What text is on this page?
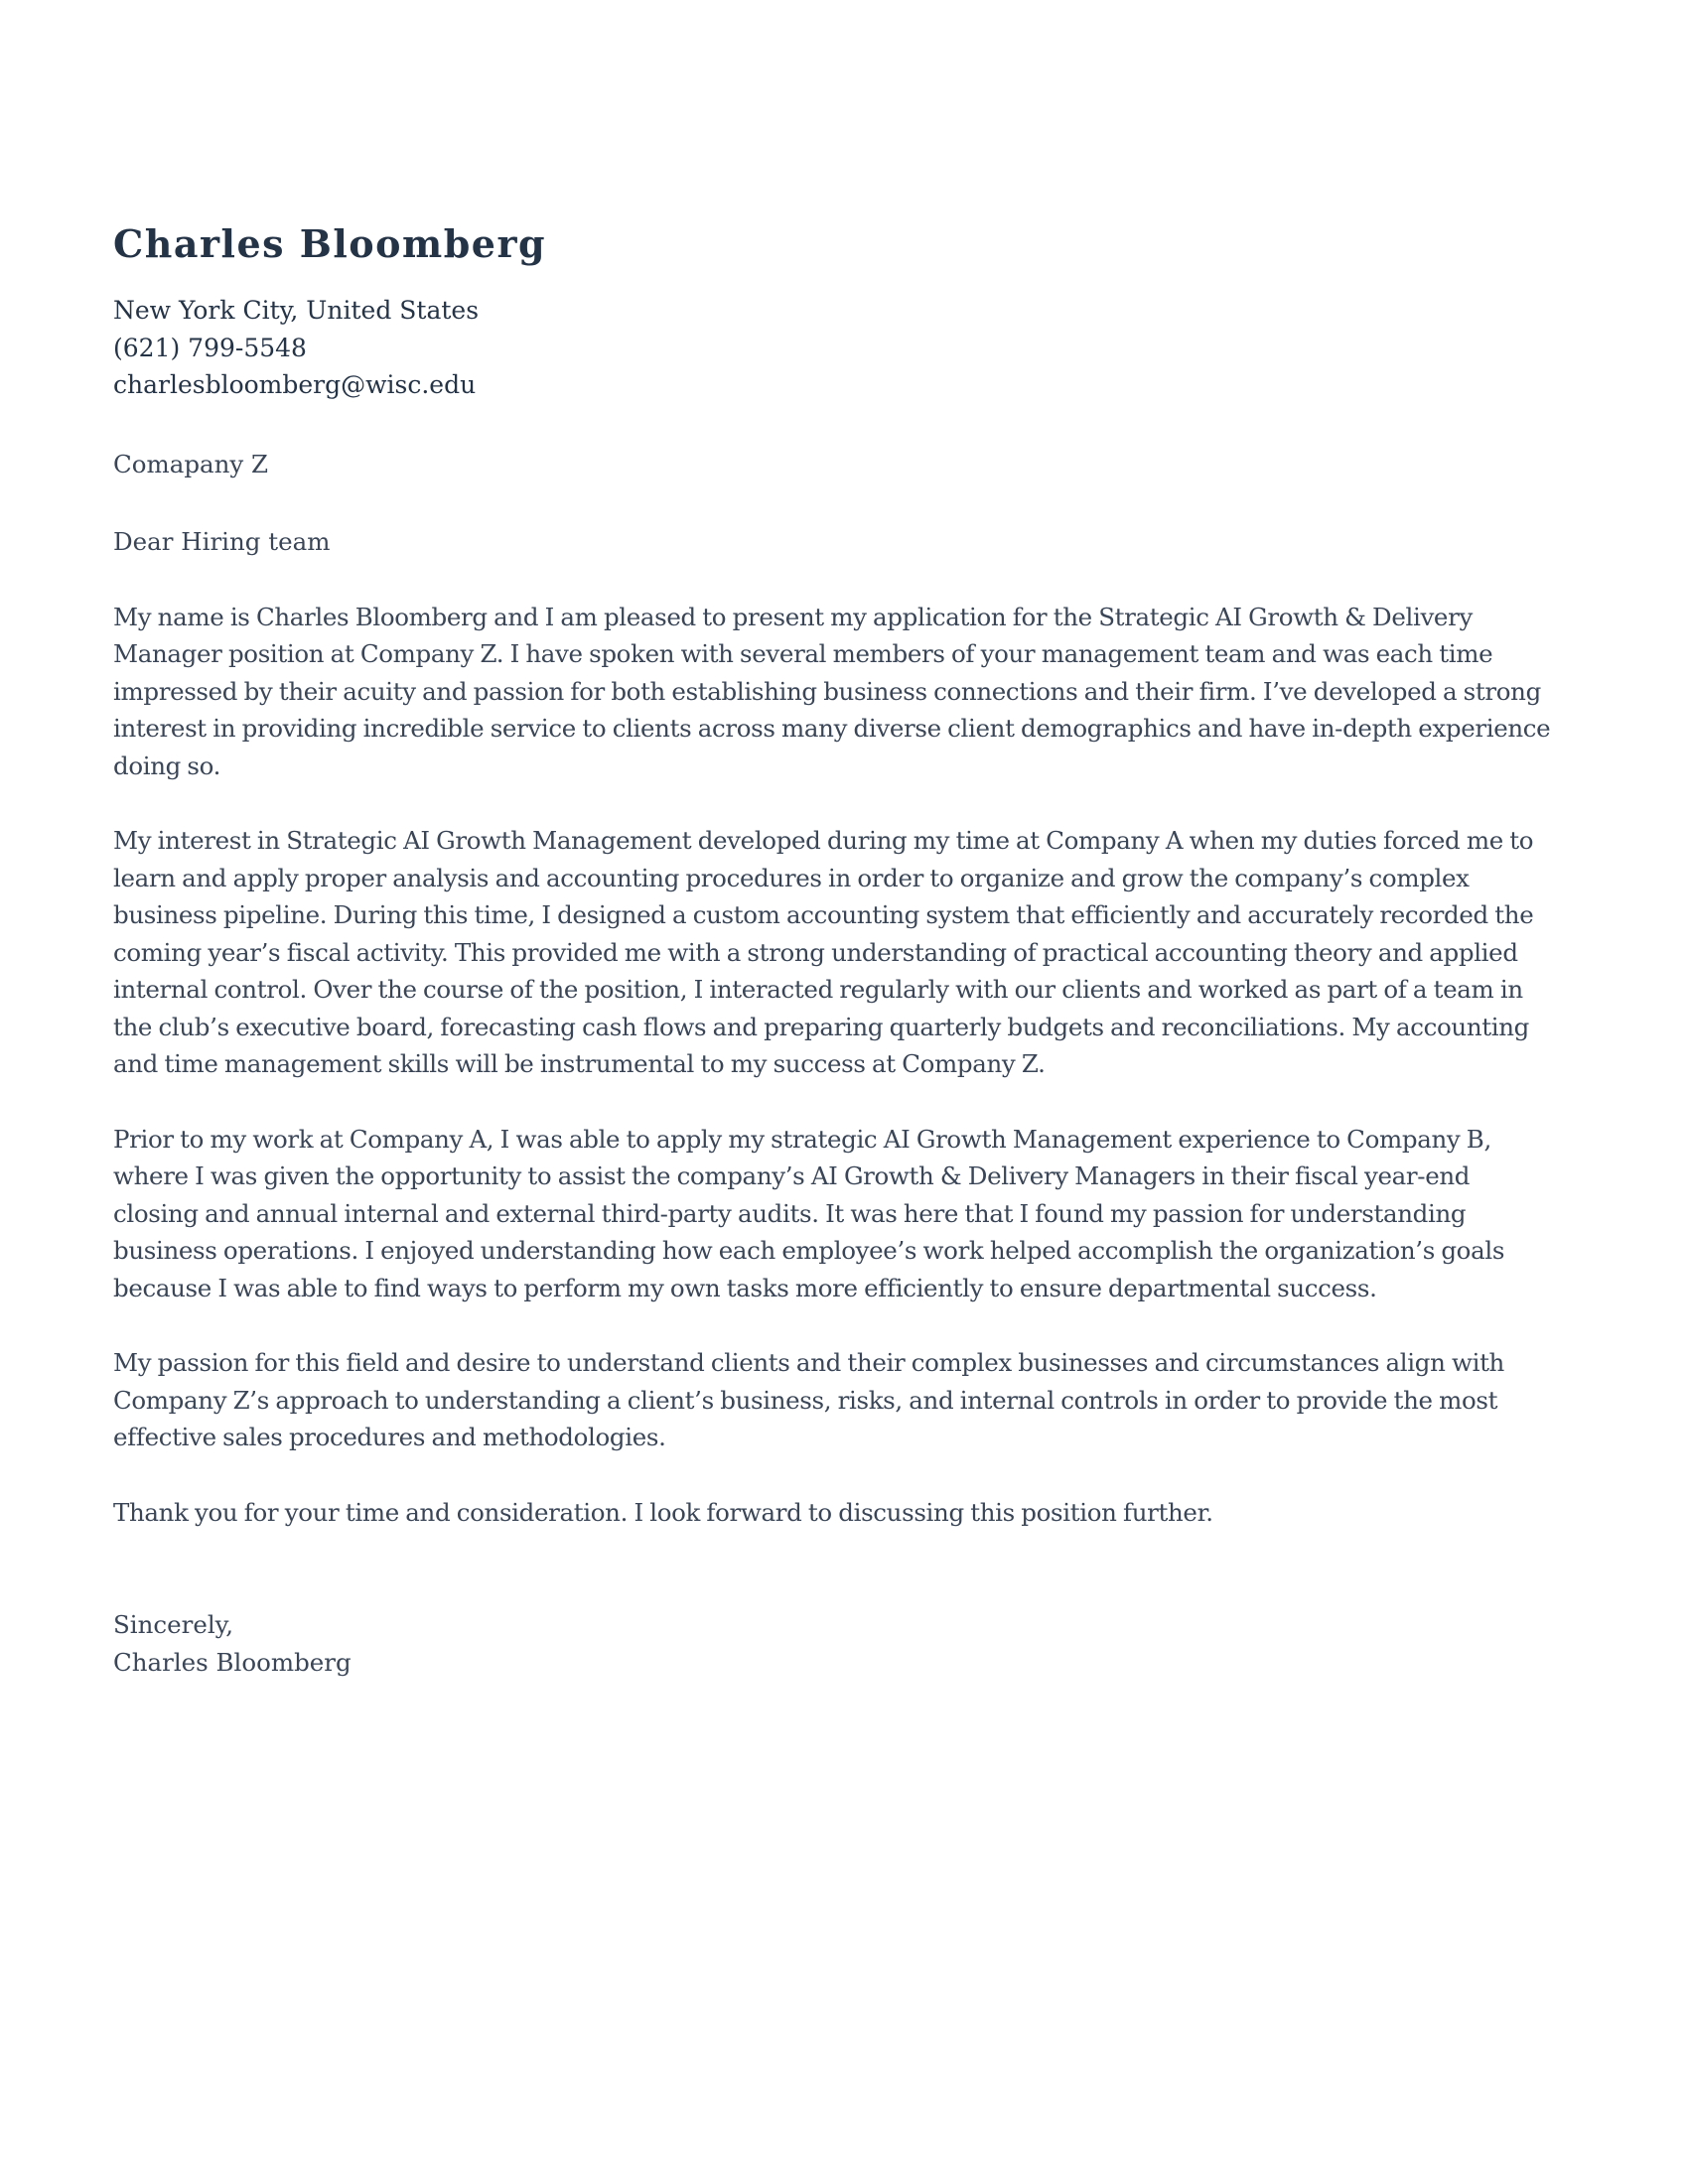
Charles Bloomberg
New York City, United States
(621) 799-5548
charlesbloomberg@wisc.edu
Comapany Z
Dear Hiring team
My name is Charles Bloomberg and I am pleased to present my application for the Strategic AI Growth & Delivery
Manager position at Company Z. I have spoken with several members of your management team and was each time
impressed by their acuity and passion for both establishing business connections and their firm. I’ve developed a strong
interest in providing incredible service to clients across many diverse client demographics and have in-depth experience
doing so.
My interest in Strategic AI Growth Management developed during my time at Company A when my duties forced me to
learn and apply proper analysis and accounting procedures in order to organize and grow the company’s complex
business pipeline. During this time, I designed a custom accounting system that efficiently and accurately recorded the
coming year’s fiscal activity. This provided me with a strong understanding of practical accounting theory and applied
internal control. Over the course of the position, I interacted regularly with our clients and worked as part of a team in
the club’s executive board, forecasting cash flows and preparing quarterly budgets and reconciliations. My accounting
and time management skills will be instrumental to my success at Company Z.
Prior to my work at Company A, I was able to apply my strategic AI Growth Management experience to Company B,
where I was given the opportunity to assist the company’s AI Growth & Delivery Managers in their fiscal year-end
closing and annual internal and external third-party audits. It was here that I found my passion for understanding
business operations. I enjoyed understanding how each employee’s work helped accomplish the organization’s goals
because I was able to find ways to perform my own tasks more efficiently to ensure departmental success.
My passion for this field and desire to understand clients and their complex businesses and circumstances align with
Company Z’s approach to understanding a client’s business, risks, and internal controls in order to provide the most
effective sales procedures and methodologies.
Thank you for your time and consideration. I look forward to discussing this position further.
Sincerely,
Charles Bloomberg
